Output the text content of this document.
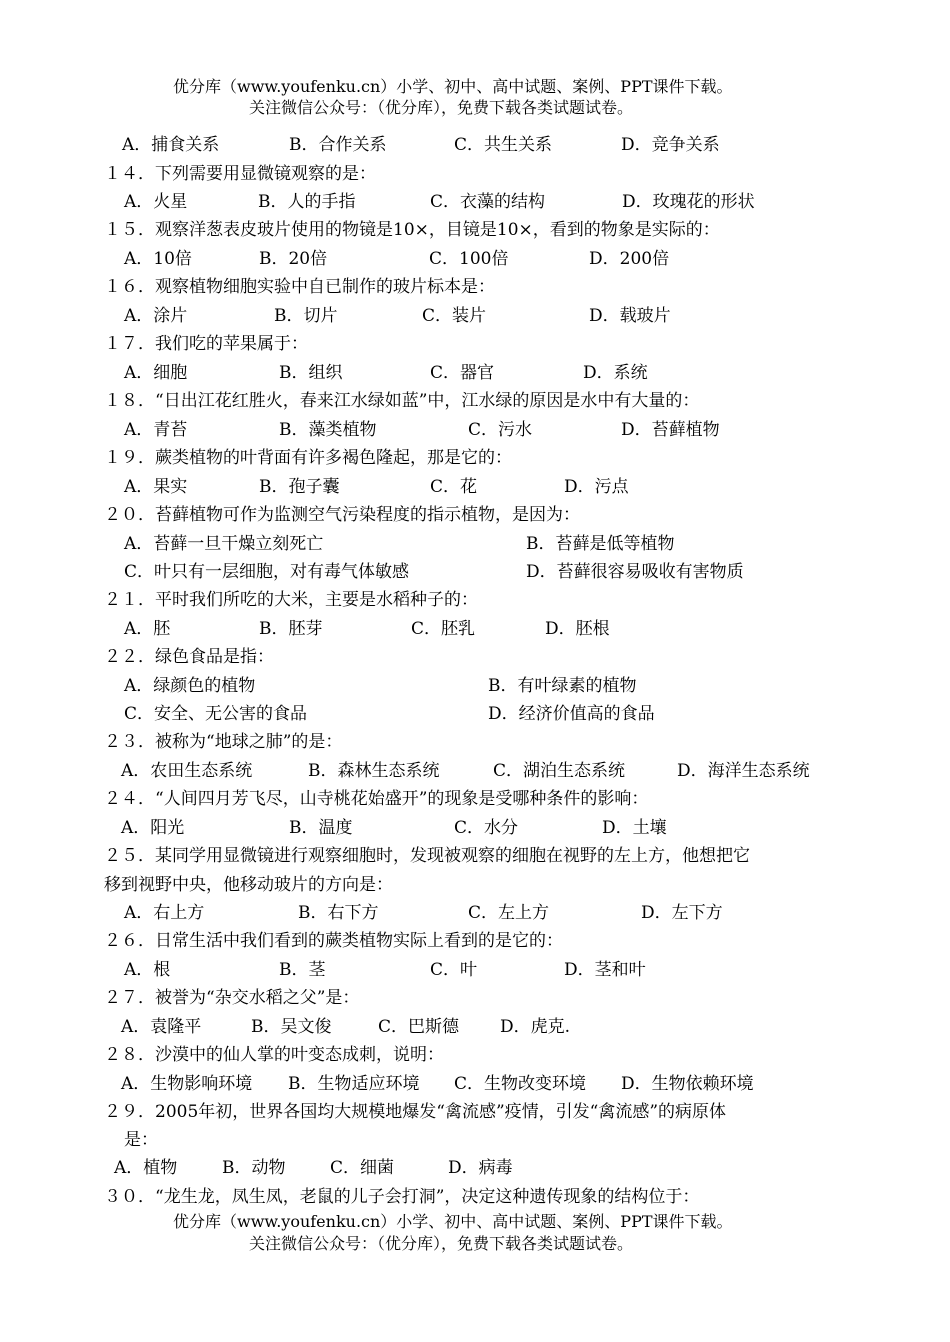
优分库（www.youfenku.cn）小学、初中、高中试题、案例、PPT课件下载。
关注微信公众号：（优分库），免费下载各类试题试卷。
A．捕食关系	B．合作关系	C．共生关系	D．竞争关系
１４．下列需要用显微镜观察的是：
A．火星	B．人的手指	C．衣藻的结构	D．玫瑰花的形状
１５．观察洋葱表皮玻片使用的物镜是10×，目镜是10×，看到的物象是实际的：
A．10倍	B．20倍	C．100倍	D．200倍
１６．观察植物细胞实验中自已制作的玻片标本是：
A．涂片	B．切片	C．装片	D．载玻片
１７．我们吃的苹果属于：
A．细胞	B．组织	C．器官	D．系统
１８．“日出江花红胜火，春来江水绿如蓝”中，江水绿的原因是水中有大量的：
A．青苔	B．藻类植物	C．污水	D．苔藓植物
１９．蕨类植物的叶背面有许多褐色隆起，那是它的：
A．果实	B．孢子囊	C．花	D．污点
２０．苔藓植物可作为监测空气污染程度的指示植物，是因为：
A．苔藓一旦干燥立刻死亡	B．苔藓是低等植物
C．叶只有一层细胞，对有毒气体敏感	D．苔藓很容易吸收有害物质
２１．平时我们所吃的大米，主要是水稻种子的：
A．胚	B．胚芽	C．胚乳	D．胚根
２２．绿色食品是指：
A．绿颜色的植物	B．有叶绿素的植物
C．安全、无公害的食品	D．经济价值高的食品
２３．被称为“地球之肺”的是：
A．农田生态系统	B．森林生态系统	C．湖泊生态系统	D．海洋生态系统
２４．“人间四月芳飞尽，山寺桃花始盛开”的现象是受哪种条件的影响：
A．阳光	B．温度	C．水分	D．土壤
２５．某同学用显微镜进行观察细胞时，发现被观察的细胞在视野的左上方，他想把它
移到视野中央，他移动玻片的方向是：
A．右上方	B．右下方	C．左上方	D．左下方
２６．日常生活中我们看到的蕨类植物实际上看到的是它的：
A．根	B．茎	C．叶	D．茎和叶
２７．被誉为“杂交水稻之父”是：
A．袁隆平	B．吴文俊	C．巴斯德 D．虎克.
２８．沙漠中的仙人掌的叶变态成刺，说明：
A．生物影响环境 B．生物适应环境 C．生物改变环境 D．生物依赖环境
２９．2005年初，世界各国均大规模地爆发“禽流感”疫情，引发“禽流感”的病原体
是：
A．植物	B．动物	C．细菌	D．病毒
３０．“龙生龙，凤生凤，老鼠的儿子会打洞”，决定这种遗传现象的结构位于：
优分库（www.youfenku.cn）小学、初中、高中试题、案例、PPT课件下载。
关注微信公众号：（优分库），免费下载各类试题试卷。
